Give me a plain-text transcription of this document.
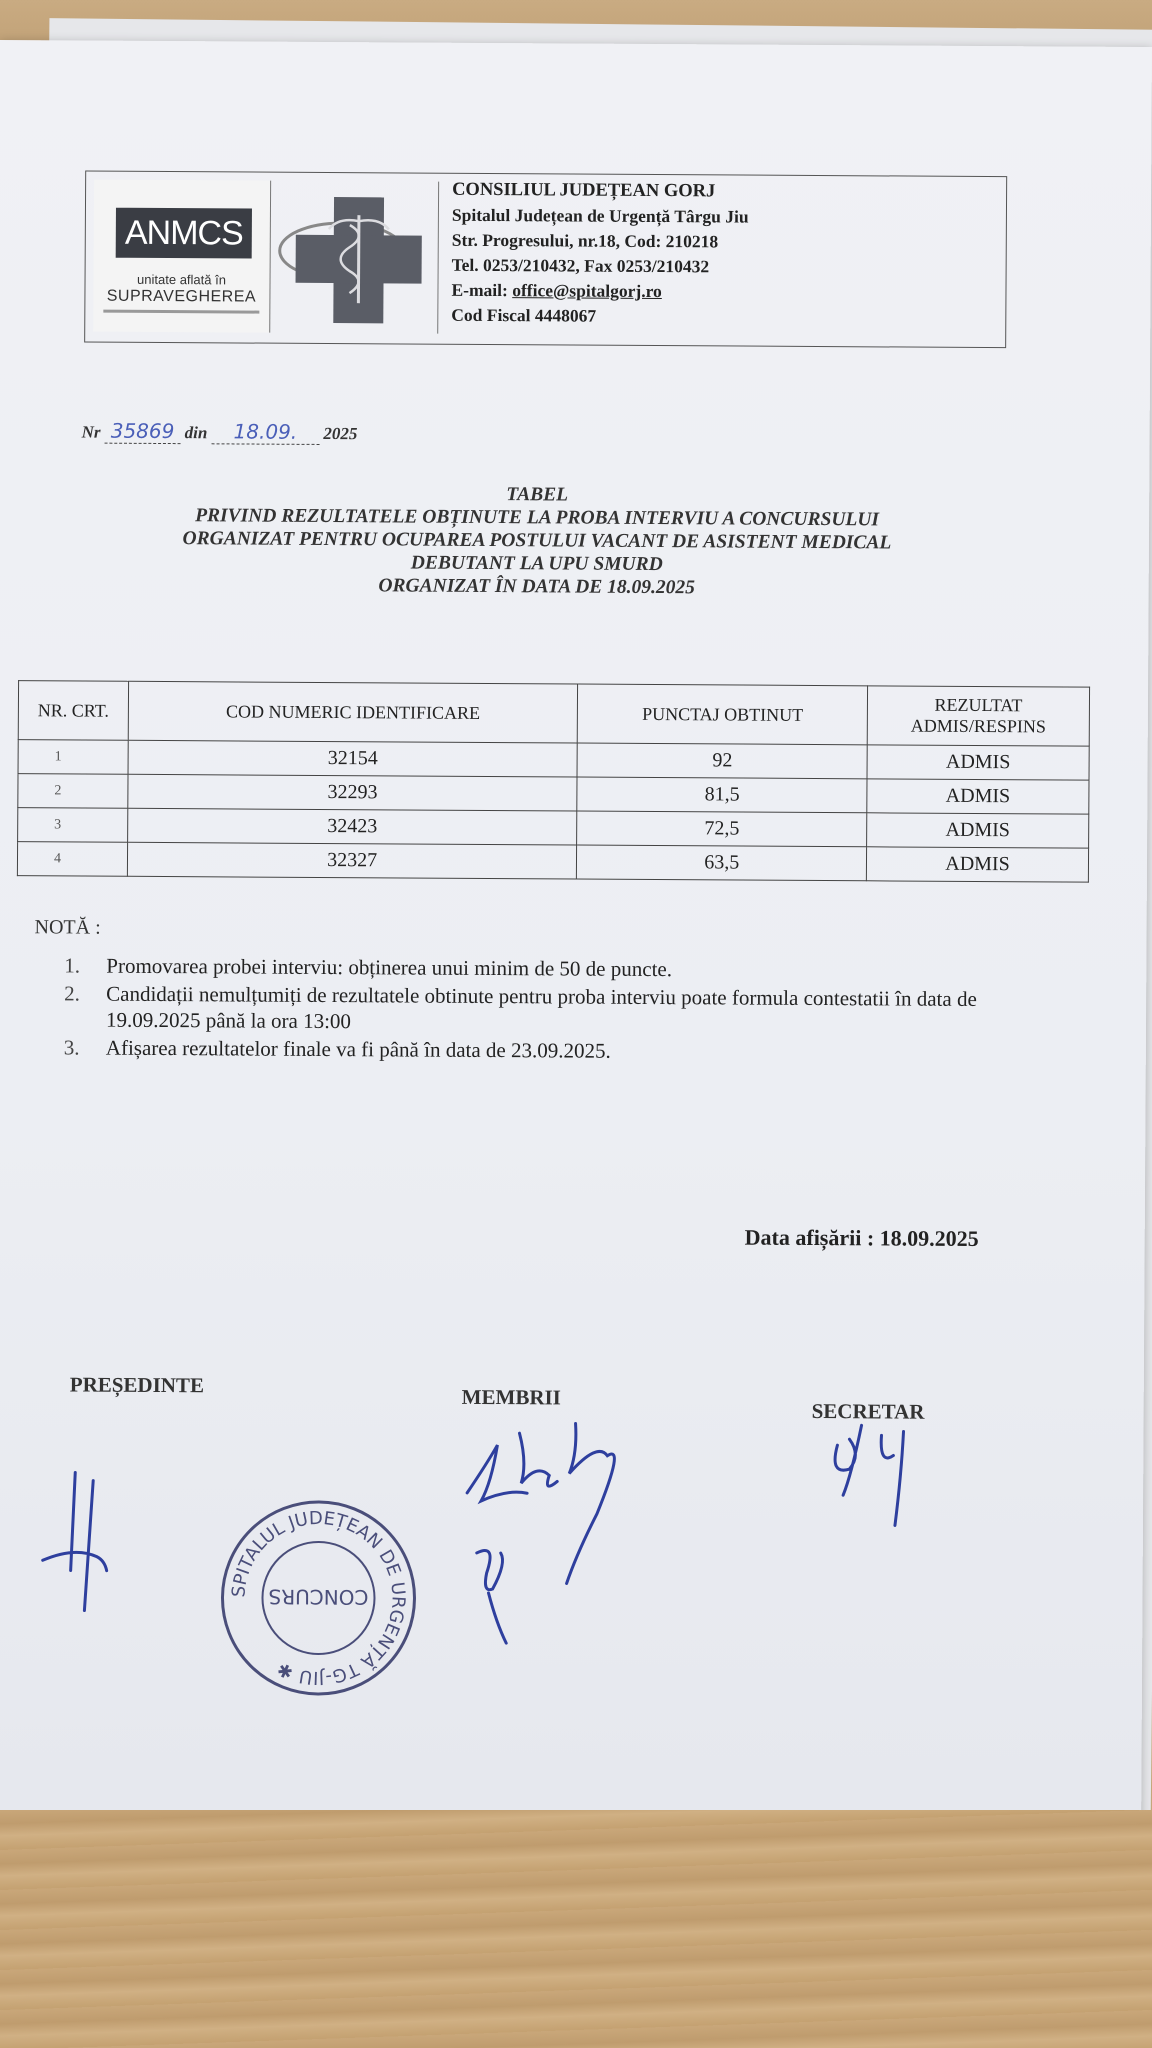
ANMCS
unitate aflată în
SUPRAVEGHEREA
CONSILIUL JUDEȚEAN GORJ
Spitalul Județean de Urgență Târgu Jiu
Str. Progresului, nr.18, Cod: 210218
Tel. 0253/210432, Fax 0253/210432
E-mail: office@spitalgorj.ro
Cod Fiscal 4448067
Nr 35869 din 18.09. 2025
TABEL
PRIVIND REZULTATELE OBȚINUTE LA PROBA INTERVIU A CONCURSULUI
ORGANIZAT PENTRU OCUPAREA POSTULUI VACANT DE ASISTENT MEDICAL
DEBUTANT LA UPU SMURD
ORGANIZAT ÎN DATA DE 18.09.2025
NR. CRT.	COD NUMERIC IDENTIFICARE	PUNCTAJ OBTINUT	REZULTAT ADMIS/RESPINS
1	32154	92	ADMIS
2	32293	81,5	ADMIS
3	32423	72,5	ADMIS
4	32327	63,5	ADMIS
NOTĂ :
1. Promovarea probei interviu: obținerea unui minim de 50 de puncte.
2. Candidații nemulțumiți de rezultatele obtinute pentru proba interviu poate formula contestatii în data de 19.09.2025 până la ora 13:00
3. Afișarea rezultatelor finale va fi până în data de 23.09.2025.
Data afișării : 18.09.2025
PREȘEDINTE	MEMBRII
SECRETAR
SPITALUL JUDEȚEAN DE URGENȚĂ TG-JIU ✱
CONCURS
